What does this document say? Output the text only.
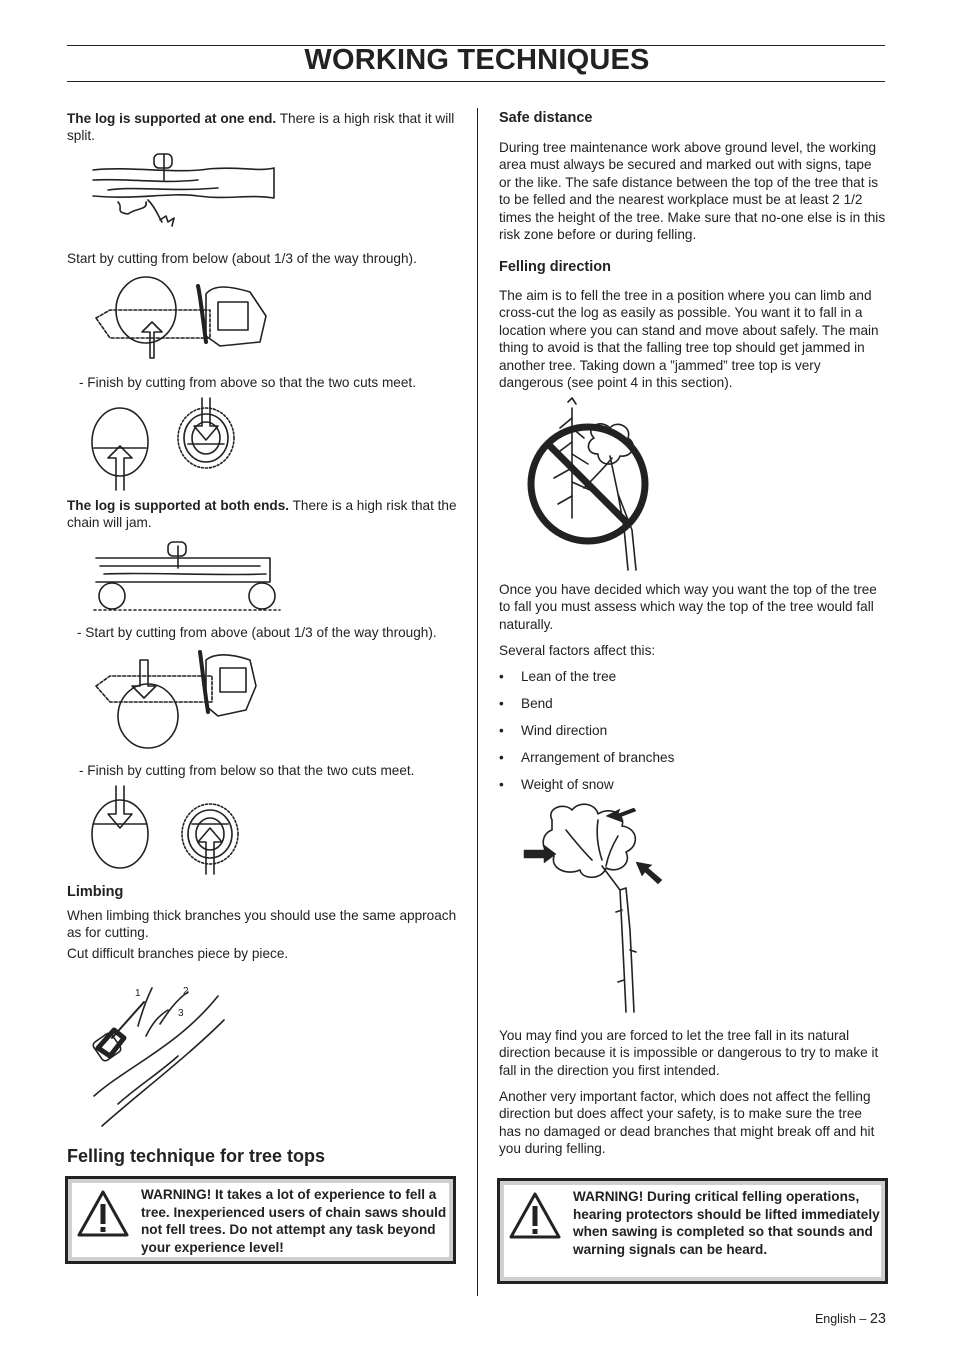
WORKING TECHNIQUES

The log is supported at one end. There is a high risk that it will split.

Start by cutting from below (about 1/3 of the way through).

- Finish by cutting from above so that the two cuts meet.

The log is supported at both ends. There is a high risk that the chain will jam.

- Start by cutting from above (about 1/3 of the way through).

- Finish by cutting from below so that the two cuts meet.

Limbing

When limbing thick branches you should use the same approach as for cutting.

Cut difficult branches piece by piece.

1	2
3

Felling technique for tree tops

WARNING! It takes a lot of experience to fell a tree. Inexperienced users of chain saws should not fell trees. Do not attempt any task beyond your experience level!

Safe distance

During tree maintenance work above ground level, the working area must always be secured and marked out with signs, tape or the like. The safe distance between the top of the tree that is to be felled and the nearest workplace must be at least 2 1/2 times the height of the tree. Make sure that no-one else is in this risk zone before or during felling.

Felling direction

The aim is to fell the tree in a position where you can limb and cross-cut the log as easily as possible. You want it to fall in a location where you can stand and move about safely. The main thing to avoid is that the falling tree top should get jammed in another tree. Taking down a ”jammed” tree top is very dangerous (see point 4 in this section).

Once you have decided which way you want the top of the tree to fall you must assess which way the top of the tree would fall naturally.

Several factors affect this:

• Lean of the tree
• Bend
• Wind direction
• Arrangement of branches
• Weight of snow

You may find you are forced to let the tree fall in its natural direction because it is impossible or dangerous to try to make it fall in the direction you first intended.

Another very important factor, which does not affect the felling direction but does affect your safety, is to make sure the tree has no damaged or dead branches that might break off and hit you during felling.

WARNING! During critical felling operations, hearing protectors should be lifted immediately when sawing is completed so that sounds and warning signals can be heard.
English – 23
